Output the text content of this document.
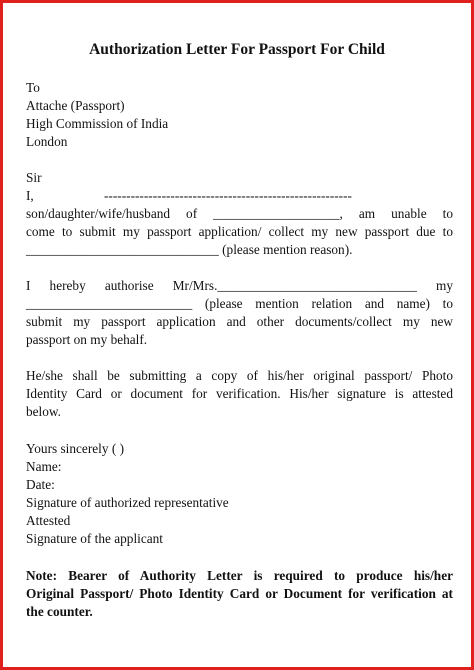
Authorization Letter For Passport For Child
To
Attache (Passport)
High Commission of India
London
Sir
I,	--------------------------------------------------------
son/daughter/wife/husband of ___________________, am unable to
come to submit my passport application/ collect my new passport due to
_____________________________ (please mention reason).
I hereby authorise Mr/Mrs.______________________________ my
_________________________ (please mention relation and name) to
submit my passport application and other documents/collect my new
passport on my behalf.
He/she shall be submitting a copy of his/her original passport/ Photo
Identity Card or document for verification. His/her signature is attested
below.
Yours sincerely ( )
Name:
Date:
Signature of authorized representative
Attested
Signature of the applicant
Note: Bearer of Authority Letter is required to produce his/her
Original Passport/ Photo Identity Card or Document for verification at
the counter.
